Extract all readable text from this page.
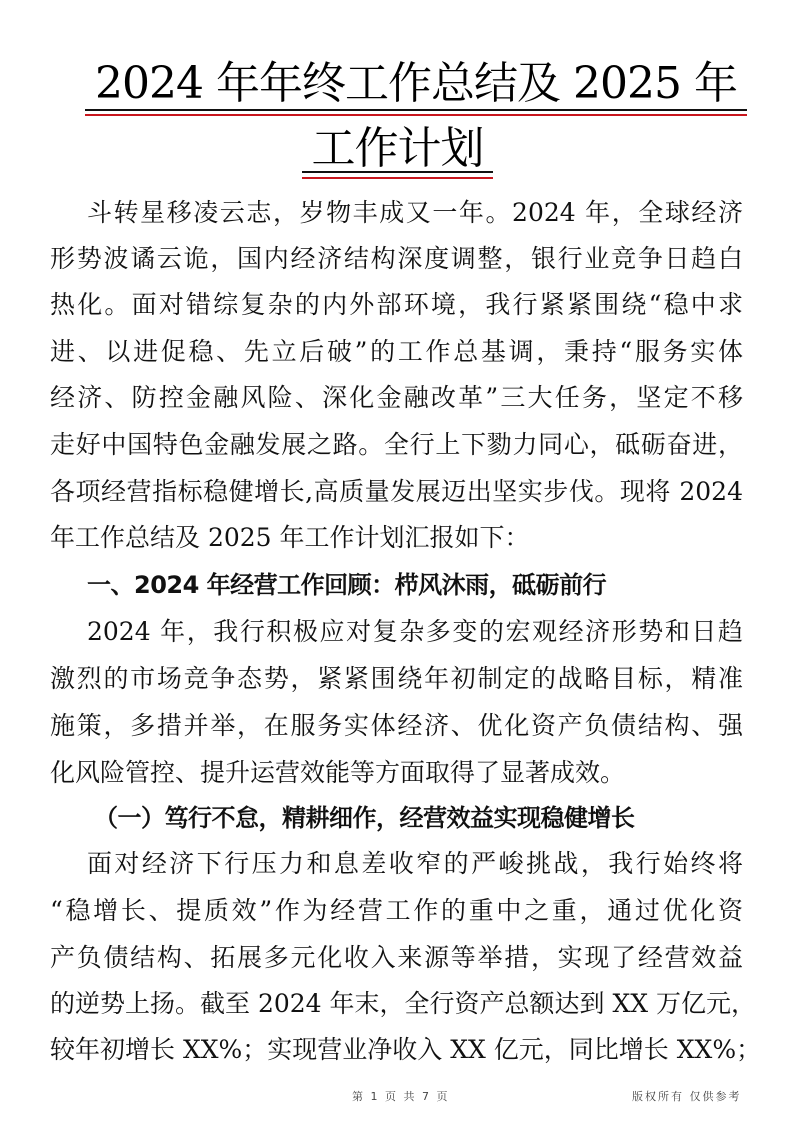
2024 年年终工作总结及 2025 年
工作计划
斗转星移凌云志，岁物丰成又一年。2024 年，全球经济
形势波谲云诡，国内经济结构深度调整，银行业竞争日趋白
热化。面对错综复杂的内外部环境，我行紧紧围绕“稳中求
进、以进促稳、先立后破”的工作总基调，秉持“服务实体
经济、防控金融风险、深化金融改革”三大任务，坚定不移
走好中国特色金融发展之路。全行上下勠力同心，砥砺奋进，
各项经营指标稳健增长,高质量发展迈出坚实步伐。现将 2024
年工作总结及 2025 年工作计划汇报如下：
一、2024 年经营工作回顾：栉风沐雨，砥砺前行
2024 年，我行积极应对复杂多变的宏观经济形势和日趋
激烈的市场竞争态势，紧紧围绕年初制定的战略目标，精准
施策，多措并举，在服务实体经济、优化资产负债结构、强
化风险管控、提升运营效能等方面取得了显著成效。
（一）笃行不怠，精耕细作，经营效益实现稳健增长
面对经济下行压力和息差收窄的严峻挑战，我行始终将
“稳增长、提质效”作为经营工作的重中之重，通过优化资
产负债结构、拓展多元化收入来源等举措，实现了经营效益
的逆势上扬。截至 2024 年末，全行资产总额达到 XX 万亿元，
较年初增长 XX%；实现营业净收入 XX 亿元，同比增长 XX%；
第 1 页 共 7 页	版权所有 仅供参考
